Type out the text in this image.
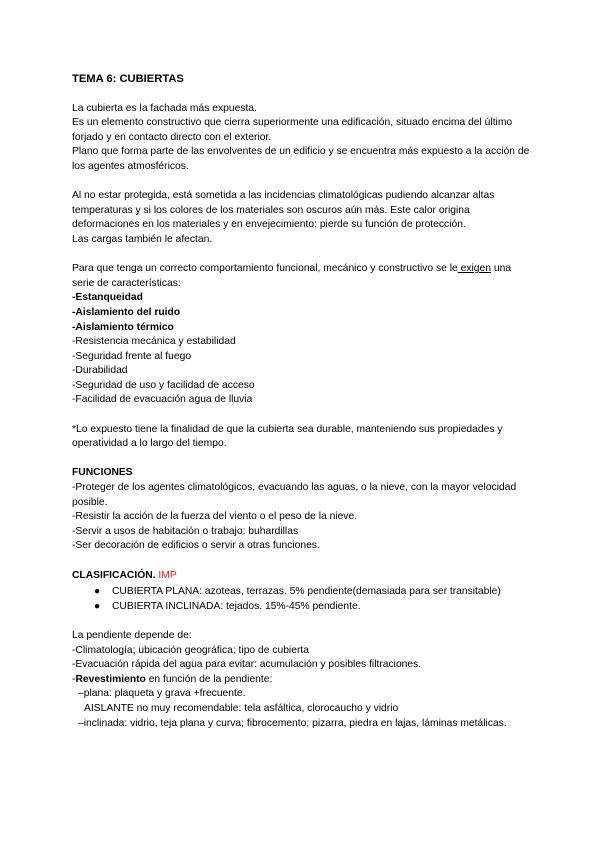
TEMA 6: CUBIERTAS

La cubierta es la fachada más expuesta.

Es un elemento constructivo que cierra superiormente una edificación, situado encima del último forjado y en contacto directo con el exterior.

Plano que forma parte de las envolventes de un edificio y se encuentra más expuesto a la acción de los agentes atmosféricos.

Al no estar protegida, está sometida a las incidencias climatológicas pudiendo alcanzar altas temperaturas y si los colores de los materiales son oscuros aún más. Este calor origina deformaciones en los materiales y en envejecimiento; pierde su función de protección.

Las cargas también le afectan.

Para que tenga un correcto comportamiento funcional, mecánico y constructivo se le exigen una serie de características:

-Estanqueidad

-Aislamiento del ruido

-Aislamiento térmico

-Resistencia mecánica y estabilidad

-Seguridad frente al fuego

-Durabilidad

-Seguridad de uso y facilidad de acceso

-Facilidad de evacuación agua de lluvia

*Lo expuesto tiene la finalidad de que la cubierta sea durable, manteniendo sus propiedades y operatividad a lo largo del tiempo.

FUNCIONES

-Proteger de los agentes climatológicos, evacuando las aguas, o la nieve, con la mayor velocidad posible.

-Resistir la acción de la fuerza del viento o el peso de la nieve.

-Servir a usos de habitación o trabajo: buhardillas

-Ser decoración de edificios o servir a otras funciones.

CLASIFICACIÓN. IMP

● CUBIERTA PLANA: azoteas, terrazas. 5% pendiente(demasiada para ser transitable)
● CUBIERTA INCLINADA: tejados. 15%-45% pendiente.

La pendiente depende de:

-Climatología; ubicación geográfica; tipo de cubierta

-Evacuación rápida del agua para evitar: acumulación y posibles filtraciones.

-Revestimiento en función de la pendiente:

–plana: plaqueta y grava +frecuente.

AISLANTE no muy recomendable: tela asfáltica, clorocaucho y vidrio

–inclinada: vidrio, teja plana y curva; fibrocemento; pizarra, piedra en lajas, láminas metálicas.
